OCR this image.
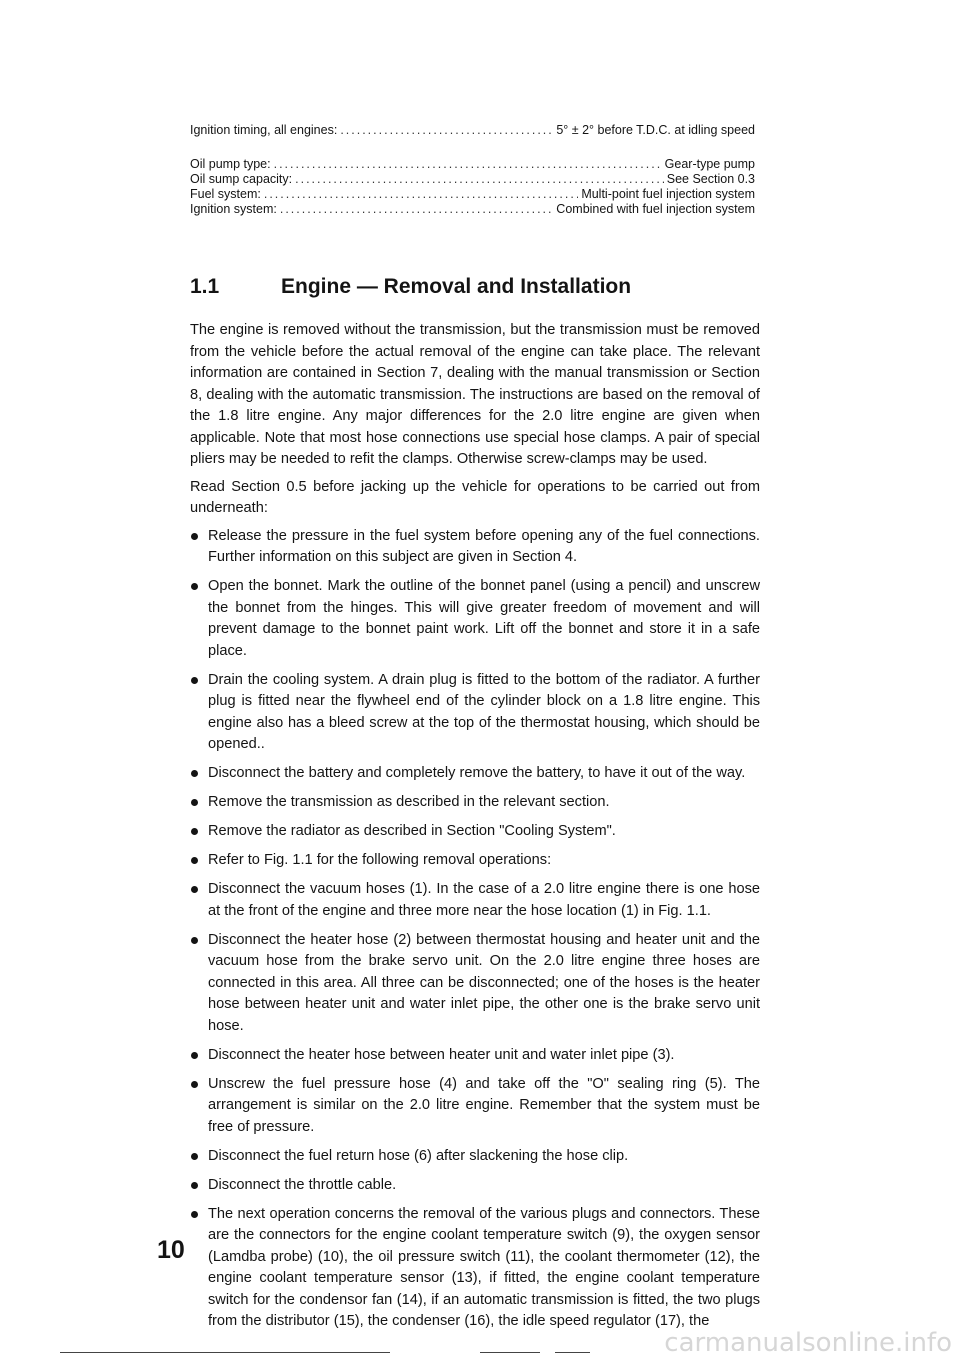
Ignition timing, all engines: .....	5° ± 2° before T.D.C. at idling speed
Oil pump type: .....	Gear-type pump
Oil sump capacity: .....	See Section 0.3
Fuel system: .....	Multi-point fuel injection system
Ignition system: .....	Combined with fuel injection system
1.1	Engine — Removal and Installation

The engine is removed without the transmission, but the transmission must be removed from the vehicle before the actual removal of the engine can take place. The relevant information are contained in Section 7, dealing with the manual transmission or Section 8, dealing with the automatic transmission. The instructions are based on the removal of the 1.8 litre engine. Any major differences for the 2.0 litre engine are given when applicable. Note that most hose connections use special hose clamps. A pair of special pliers may be needed to refit the clamps. Otherwise screw-clamps may be used.

Read Section 0.5 before jacking up the vehicle for operations to be carried out from underneath:

Release the pressure in the fuel system before opening any of the fuel connections. Further information on this subject are given in Section 4.
Open the bonnet. Mark the outline of the bonnet panel (using a pencil) and unscrew the bonnet from the hinges. This will give greater freedom of movement and will prevent damage to the bonnet paint work. Lift off the bonnet and store it in a safe place.
Drain the cooling system. A drain plug is fitted to the bottom of the radiator. A further plug is fitted near the flywheel end of the cylinder block on a 1.8 litre engine. This engine also has a bleed screw at the top of the thermostat housing, which should be opened..
Disconnect the battery and completely remove the battery, to have it out of the way.
Remove the transmission as described in the relevant section.
Remove the radiator as described in Section "Cooling System".
Refer to Fig. 1.1 for the following removal operations:
Disconnect the vacuum hoses (1). In the case of a 2.0 litre engine there is one hose at the front of the engine and three more near the hose location (1) in Fig. 1.1.
Disconnect the heater hose (2) between thermostat housing and heater unit and the vacuum hose from the brake servo unit. On the 2.0 litre engine three hoses are connected in this area. All three can be disconnected; one of the hoses is the heater hose between heater unit and water inlet pipe, the other one is the brake servo unit hose.
Disconnect the heater hose between heater unit and water inlet pipe (3).
Unscrew the fuel pressure hose (4) and take off the "O" sealing ring (5). The arrangement is similar on the 2.0 litre engine. Remember that the system must be free of pressure.
Disconnect the fuel return hose (6) after slackening the hose clip.
Disconnect the throttle cable.
The next operation concerns the removal of the various plugs and connectors. These are the connectors for the engine coolant temperature switch (9), the oxygen sensor (Lamdba probe) (10), the oil pressure switch (11), the coolant thermometer (12), the engine coolant temperature sensor (13), if fitted, the engine coolant temperature switch for the condensor fan (14), if an automatic transmission is fitted, the two plugs from the distributor (15), the condenser (16), the idle speed regulator (17), the
10
carmanualsonline.info
